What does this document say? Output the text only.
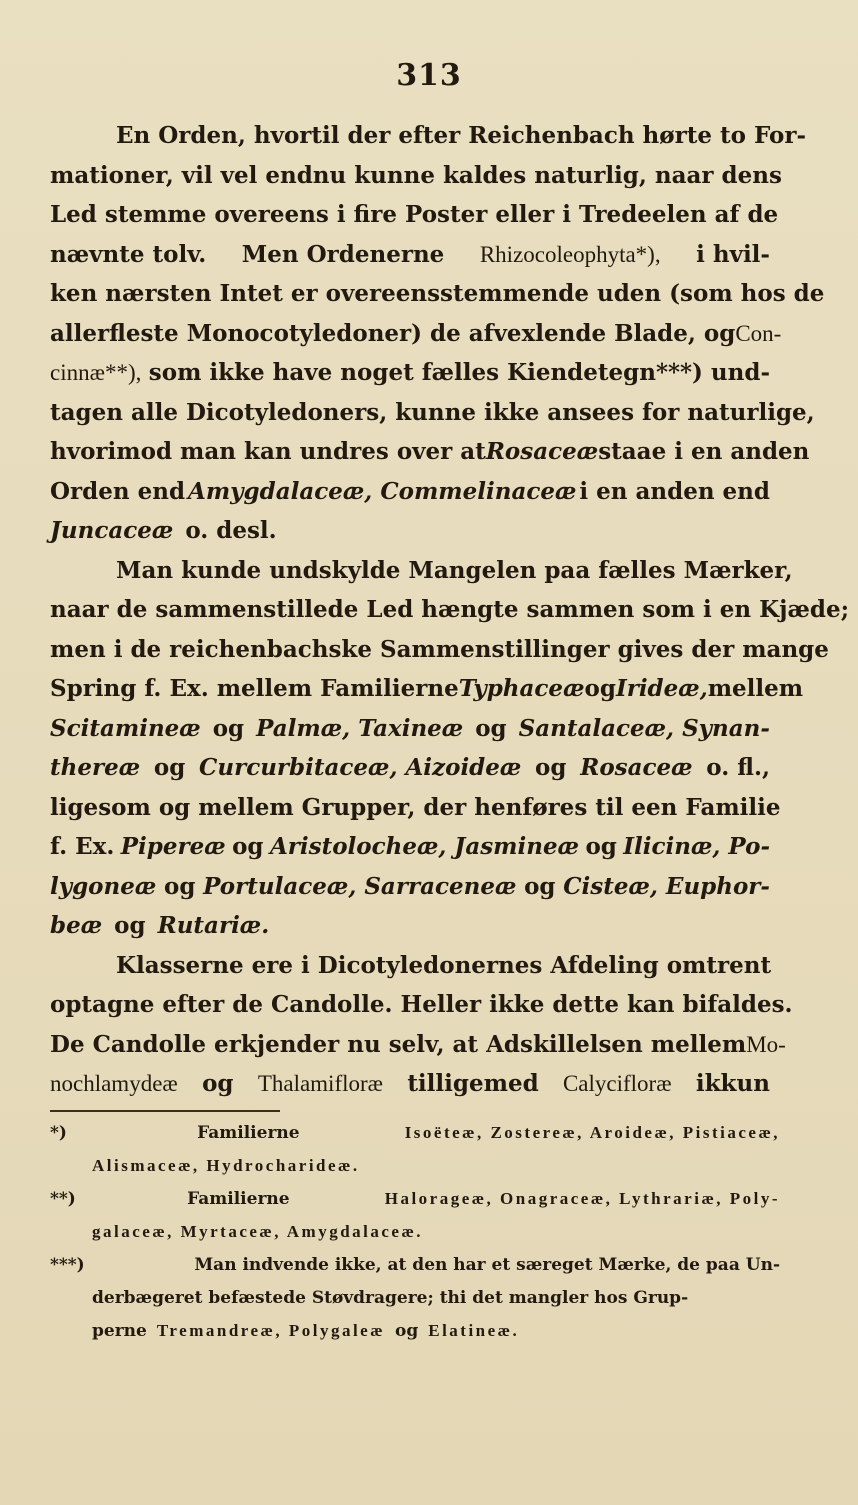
313
En Orden, hvortil der efter Reichenbach hørte to For-
mationer, vil vel endnu kunne kaldes naturlig, naar dens
Led stemme overeens i fire Poster eller i Tredeelen af de
nævnte tolv. Men Ordenerne Rhizocoleophyta*), i hvil-
ken nærsten Intet er overeensstemmende uden (som hos de
allerfleste Monocotyledoner) de afvexlende Blade, og Con-
cinnæ**), som ikke have noget fælles Kiendetegn***) und-
tagen alle Dicotyledoners, kunne ikke ansees for naturlige,
hvorimod man kan undres over at Rosaceæ staae i en anden
Orden end Amygdalaceæ, Commelinaceæ i en anden end
Juncaceæ o. desl.
Man kunde undskylde Mangelen paa fælles Mærker,
naar de sammenstillede Led hængte sammen som i en Kjæde;
men i de reichenbachske Sammenstillinger gives der mange
Spring f. Ex. mellem Familierne Typhaceæ og Irideæ, mellem
Scitamineæ og Palmæ, Taxineæ og Santalaceæ, Synan-
thereæ og Curcurbitaceæ, Aizoideæ og Rosaceæ o. fl.,
ligesom og mellem Grupper, der henføres til een Familie
f. Ex. Pipereæ og Aristolocheæ, Jasmineæ og Ilicinæ, Po-
lygoneæ og Portulaceæ, Sarraceneæ og Cisteæ, Euphor-
beæ og Rutariæ.
Klasserne ere i Dicotyledonernes Afdeling omtrent
optagne efter de Candolle. Heller ikke dette kan bifaldes.
De Candolle erkjender nu selv, at Adskillelsen mellem Mo-
nochlamydeæ og Thalamifloræ tilligemed Calycifloræ ikkun
*)	Familierne	Isoëteæ, Zostereæ, Aroideæ, Pistiaceæ,
Alismaceæ, Hydrocharideæ.
**)	Familierne	Halorageæ, Onagraceæ, Lythrariæ, Poly-
galaceæ, Myrtaceæ, Amygdalaceæ.
***)	Man indvende ikke, at den har et særeget Mærke, de paa Un-
derbægeret befæstede Støvdragere; thi det mangler hos Grup-
perne Tremandreæ, Polygaleæ og Elatineæ.
